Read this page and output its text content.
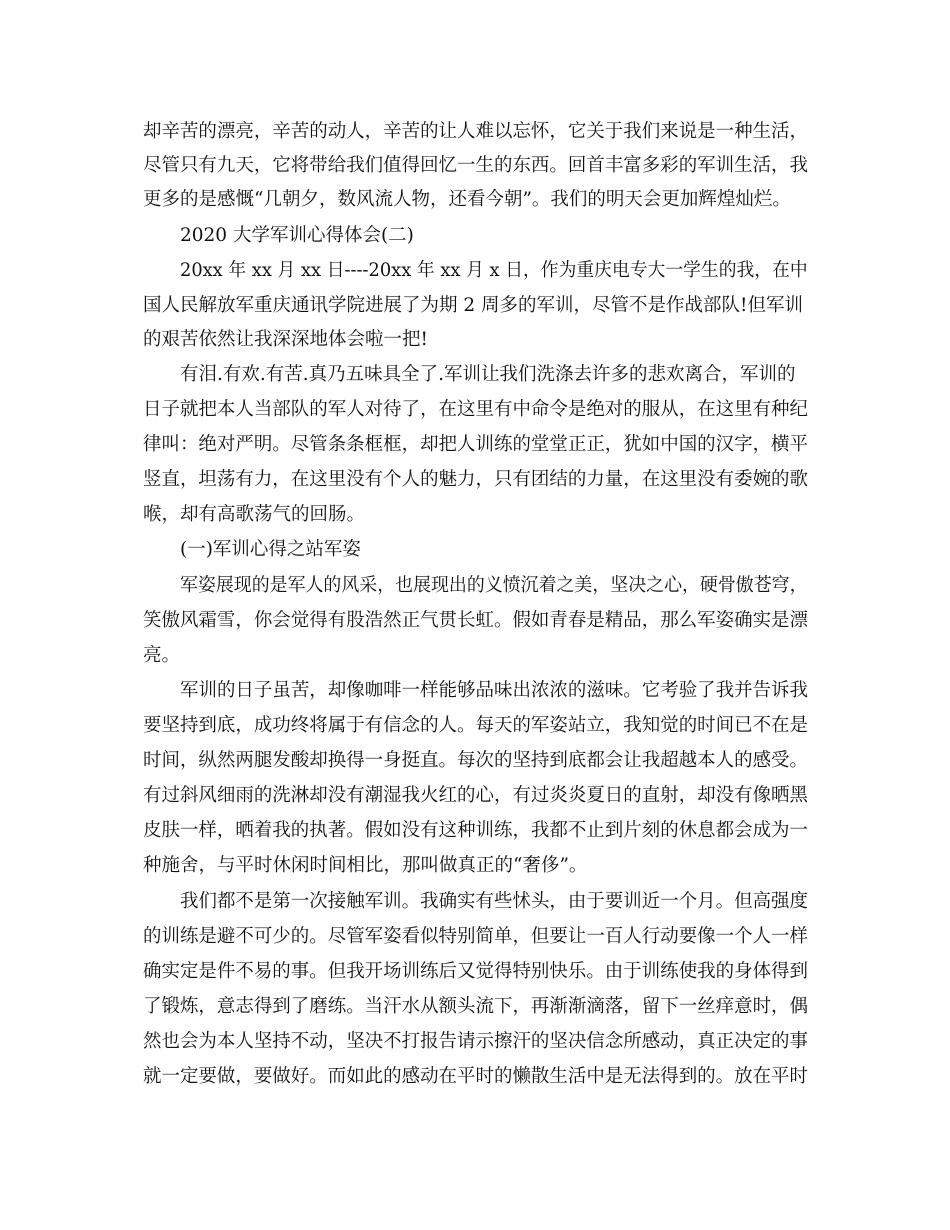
却辛苦的漂亮，辛苦的动人，辛苦的让人难以忘怀，它关于我们来说是一种生活，
尽管只有九天，它将带给我们值得回忆一生的东西。回首丰富多彩的军训生活，我
更多的是感慨“几朝夕，数风流人物，还看今朝”。我们的明天会更加辉煌灿烂。
2020 大学军训心得体会(二)
20xx 年 xx 月 xx 日----20xx 年 xx 月 x 日，作为重庆电专大一学生的我，在中
国人民解放军重庆通讯学院进展了为期 2 周多的军训，尽管不是作战部队!但军训
的艰苦依然让我深深地体会啦一把!
有泪.有欢.有苦.真乃五味具全了.军训让我们洗涤去许多的悲欢离合，军训的
日子就把本人当部队的军人对待了，在这里有中命令是绝对的服从，在这里有种纪
律叫：绝对严明。尽管条条框框，却把人训练的堂堂正正，犹如中国的汉字，横平
竖直，坦荡有力，在这里没有个人的魅力，只有团结的力量，在这里没有委婉的歌
喉，却有高歌荡气的回肠。
(一)军训心得之站军姿
军姿展现的是军人的风采，也展现出的义愤沉着之美，坚决之心，硬骨傲苍穹，
笑傲风霜雪，你会觉得有股浩然正气贯长虹。假如青春是精品，那么军姿确实是漂
亮。
军训的日子虽苦，却像咖啡一样能够品味出浓浓的滋味。它考验了我并告诉我
要坚持到底，成功终将属于有信念的人。每天的军姿站立，我知觉的时间已不在是
时间，纵然两腿发酸却换得一身挺直。每次的坚持到底都会让我超越本人的感受。
有过斜风细雨的洗淋却没有潮湿我火红的心，有过炎炎夏日的直射，却没有像晒黑
皮肤一样，晒着我的执著。假如没有这种训练，我都不止到片刻的休息都会成为一
种施舍，与平时休闲时间相比，那叫做真正的“奢侈”。
我们都不是第一次接触军训。我确实有些怵头，由于要训近一个月。但高强度
的训练是避不可少的。尽管军姿看似特别简单，但要让一百人行动要像一个人一样
确实定是件不易的事。但我开场训练后又觉得特别快乐。由于训练使我的身体得到
了锻炼，意志得到了磨练。当汗水从额头流下，再渐渐滴落，留下一丝痒意时，偶
然也会为本人坚持不动，坚决不打报告请示擦汗的坚决信念所感动，真正决定的事
就一定要做，要做好。而如此的感动在平时的懒散生活中是无法得到的。放在平时
